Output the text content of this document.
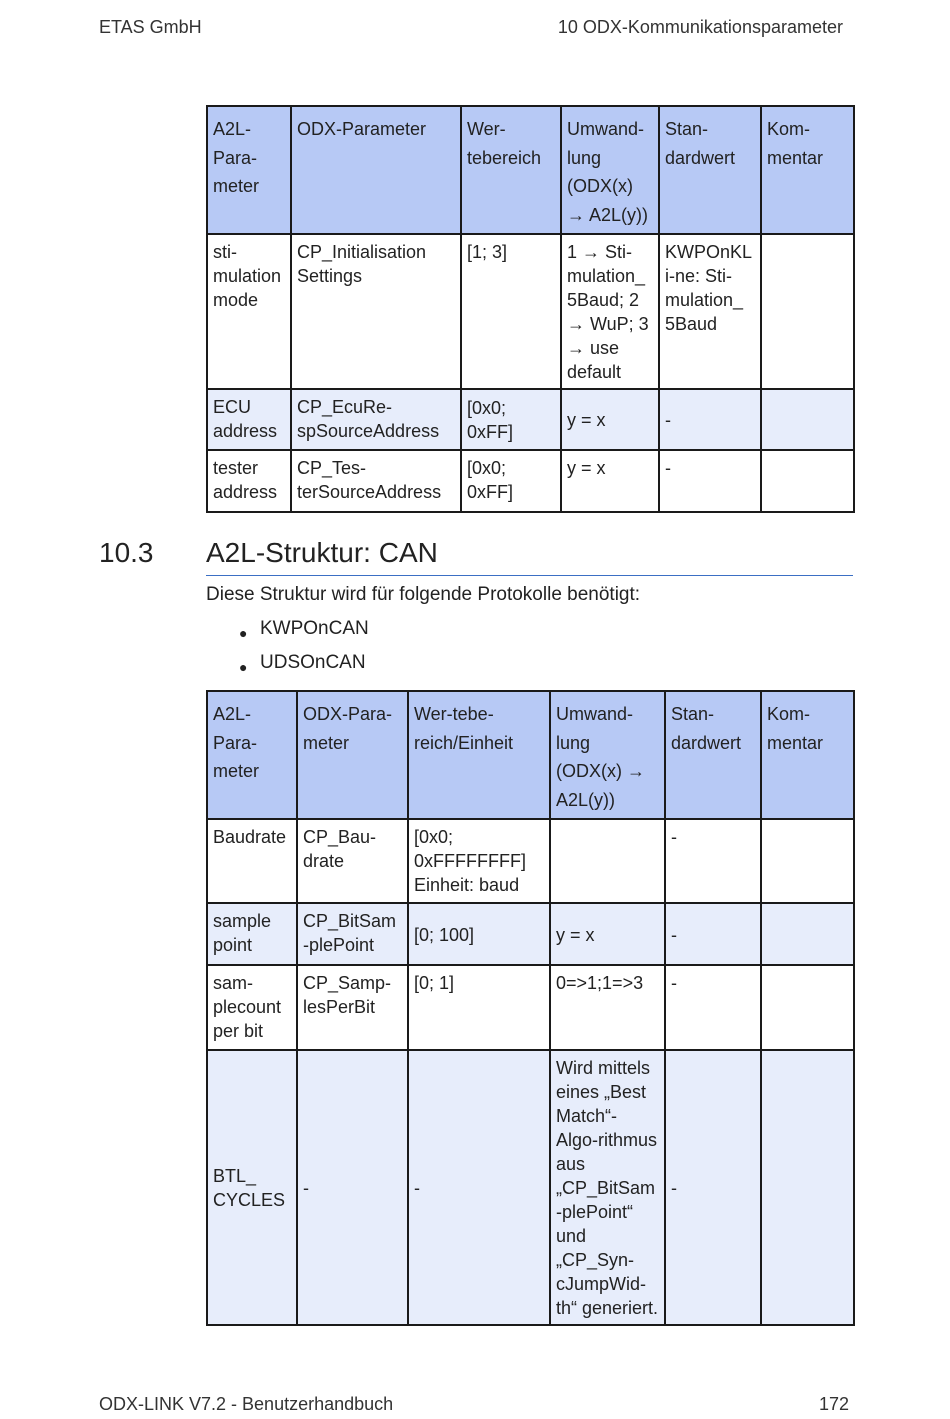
ETAS GmbH	10 ODX-Kommunikationsparameter
A2L-Para-meter	ODX-Parameter	Wer-tebereich	Umwand-lung (ODX(x) → A2L(y))	Stan-dardwert	Kom-mentar
sti-mulation mode	CP_Initialisation Settings	[1; 3]	1 → Sti-mulation_ 5Baud; 2 → WuP; 3 → use default	KWPOnKLi-ne: Sti-mulation_ 5Baud	
ECU address	CP_EcuRe-spSourceAddress	[0x0; 0xFF]	y = x	-	
tester address	CP_Tes-terSourceAddress	[0x0; 0xFF]	y = x	-	
10.3 A2L-Struktur: CAN
Diese Struktur wird für folgende Protokolle benötigt:
● KWPOnCAN
● UDSOnCAN
A2L-Para-meter	ODX-Para-meter	Wer-tebe-reich/Einheit	Umwand-lung (ODX(x) → A2L(y))	Stan-dardwert	Kom-mentar
Baudrate	CP_Bau-drate	[0x0; 0xFFFFFFFF] Einheit: baud		-	
sample point	CP_BitSam-plePoint	[0; 100]	y = x	-	
sam-plecount per bit	CP_Samp-lesPerBit	[0; 1]	0=>1;1=>3	-	
BTL_ CYCLES	-	-	Wird mittels eines „Best Match“-Algo-rithmus aus „CP_BitSam-plePoint“ und „CP_Syn-cJumpWid-th“ generiert.	-	
ODX-LINK V7.2 - Benutzerhandbuch	172
